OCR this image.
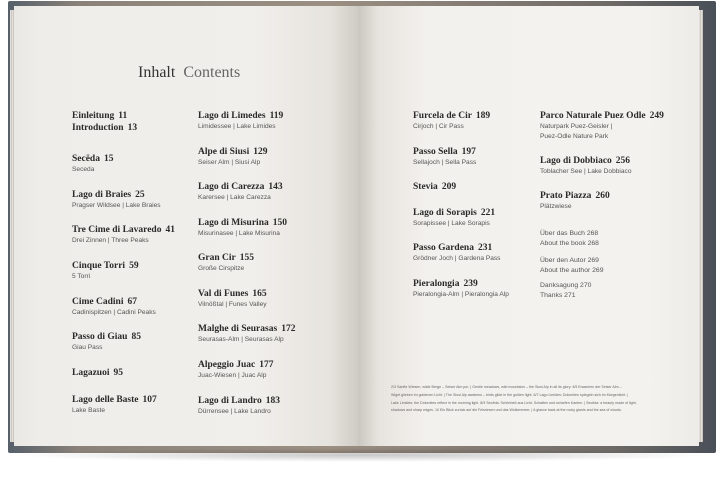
Inhalt Contents
Einleitung 11
Introduction 13
Secëda 15
Seceda
Lago di Braies 25
Pragser Wildsee | Lake Braies
Tre Cime di Lavaredo 41
Drei Zinnen | Three Peaks
Cinque Torri 59
5 Torri
Cime Cadini 67
Cadinispitzen | Cadini Peaks
Passo di Giau 85
Giau Pass
Lagazuoi 95
Lago delle Baste 107
Lake Baste
Lago di Limedes 119
Limidessee | Lake Limides
Alpe di Siusi 129
Seiser Alm | Siusi Alp
Lago di Carezza 143
Karersee | Lake Carezza
Lago di Misurina 150
Misurinasee | Lake Misurina
Gran Cir 155
Große Cirspitze
Val di Funes 165
Vilnößtal | Funes Valley
Malghe di Seurasas 172
Seurasas-Alm | Seurasas Alp
Alpeggio Juac 177
Juac-Wiesen | Juac Alp
Lago di Landro 183
Dürrensee | Lake Landro
Furcela de Cir 189
Cirjoch | Cir Pass
Passo Sella 197
Sellajoch | Sella Pass
Stevia 209
Lago di Sorapis 221
Sorapissee | Lake Sorapis
Passo Gardena 231
Grödner Joch | Gardena Pass
Pieralongia 239
Pieralongia-Alm | Pieralongia Alp
Parco Naturale Puez Odle 249
Naturpark Puez-Geisler |
Puez-Odle Nature Park
Lago di Dobbiaco 256
Toblacher See | Lake Dobbiaco
Prato Piazza 260
Plätzwiese
Über das Buch 268
About the book 268
Über den Autor 269
About the author 269
Danksagung 270
Thanks 271
2/3 Sanfte Wiesen, wilde Berge – Seiser Alm pur. | Gentle meadows, wild mountains – the Siusi Alp in all its glory. 4/5 Erwachen der Seiser Alm –
Wiget glieben im goldenen Licht. | The Siusi Alp awakens – birds glide in the golden light. 6/7 Lago Limides: Dolomiten spiegeln sich im Morgenlicht. |
Lake Limides: the Dolomites reflect in the morning light. 8/9 Secëda: Schönheit aus Licht, Schatten und scharfen Kanten. | Secëda: a beauty made of light,
shadows and sharp edges. 10 Ein Blick zurück auf die Felsriesen und das Wolkenmeer. | A glance back at the rocky giants and the sea of clouds.
